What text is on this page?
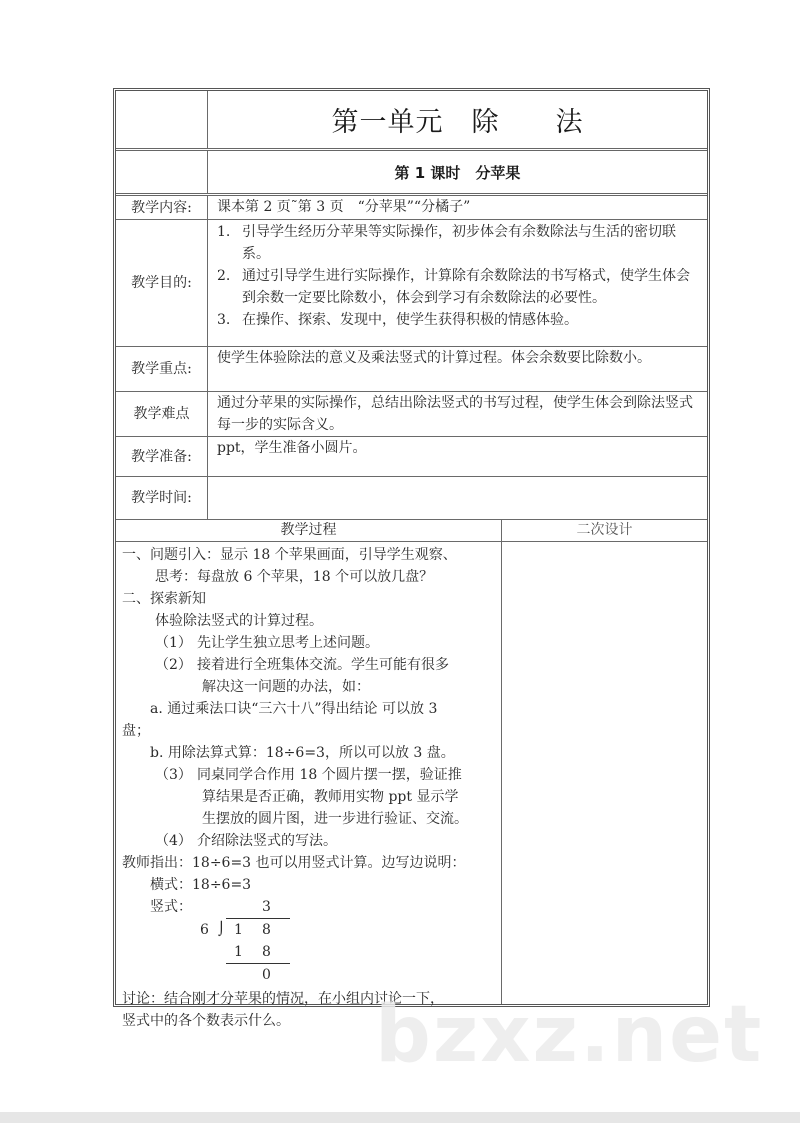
第一单元　除　　法
第 1 课时　分苹果
教学内容:	课本第 2 页˜第 3 页　“分苹果”“分橘子”
教学目的:
1. 引导学生经历分苹果等实际操作，初步体会有余数除法与生活的密切联系。
2. 通过引导学生进行实际操作，计算除有余数除法的书写格式，使学生体会到余数一定要比除数小，体会到学习有余数除法的必要性。
3. 在操作、探索、发现中，使学生获得积极的情感体验。
教学重点:
使学生体验除法的意义及乘法竖式的计算过程。体会余数要比除数小。
教学难点
通过分苹果的实际操作，总结出除法竖式的书写过程，使学生体会到除法竖式每一步的实际含义。
教学准备:
ppt，学生准备小圆片。
教学时间:
教学过程	二次设计
一、问题引入：显示 18 个苹果画面，引导学生观察、
思考：每盘放 6 个苹果，18 个可以放几盘？
二、探索新知
体验除法竖式的计算过程。
（1） 先让学生独立思考上述问题。
（2） 接着进行全班集体交流。学生可能有很多
解决这一问题的办法，如：
a. 通过乘法口诀“三六十八”得出结论 可以放 3
盘；
b. 用除法算式算：18÷6=3，所以可以放 3 盘。
（3） 同桌同学合作用 18 个圆片摆一摆，验证推
算结果是否正确，教师用实物 ppt 显示学
生摆放的圆片图，进一步进行验证、交流。
（4） 介绍除法竖式的写法。
教师指出：18÷6=3 也可以用竖式计算。边写边说明：
横式：18÷6=3
竖式：	3
6 ⌡ 1 8
1 8
0
讨论：结合刚才分苹果的情况，在小组内讨论一下，
竖式中的各个数表示什么。	bzxz.net
